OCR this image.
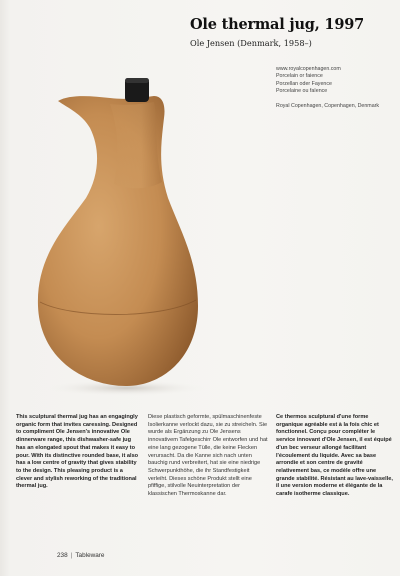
Ole thermal jug, 1997
Ole Jensen (Denmark, 1958–)
www.royalcopenhagen.com
Porcelain or faience
Porzellan oder Fayence
Porcelaine ou faïence

Royal Copenhagen, Copenhagen, Denmark
This sculptural thermal jug has an engagingly organic form that invites caressing. Designed to compliment Ole Jensen's innovative Ole dinnerware range, this dishwasher-safe jug has an elongated spout that makes it easy to pour. With its distinctive rounded base, it also has a low centre of gravity that gives stability to the design. This pleasing product is a clever and stylish reworking of the traditional thermal jug.
Diese plastisch geformte, spülmaschinenfeste Isolierkanne verlockt dazu, sie zu streicheln. Sie wurde als Ergänzung zu Ole Jensens innovativem Tafelgeschirr Ole entworfen und hat eine lang gezogene Tülle, die keine Flecken verursacht. Da die Kanne sich nach unten bauchig rund verbreitert, hat sie eine niedrige Schwerpunkthöhe, die ihr Standfestigkeit verleiht. Dieses schöne Produkt stellt eine pfiffige, stilvolle Neuinterpretation der klassischen Thermoskanne dar.
Ce thermos sculptural d'une forme organique agréable est à la fois chic et fonctionnel. Conçu pour compléter le service innovant d'Ole Jensen, il est équipé d'un bec verseur allongé facilitant l'écoulement du liquide. Avec sa base arrondie et son centre de gravité relativement bas, ce modèle offre une grande stabilité. Résistant au lave-vaisselle, il une version moderne et élégante de la carafe isotherme classique.
238 | Tableware
